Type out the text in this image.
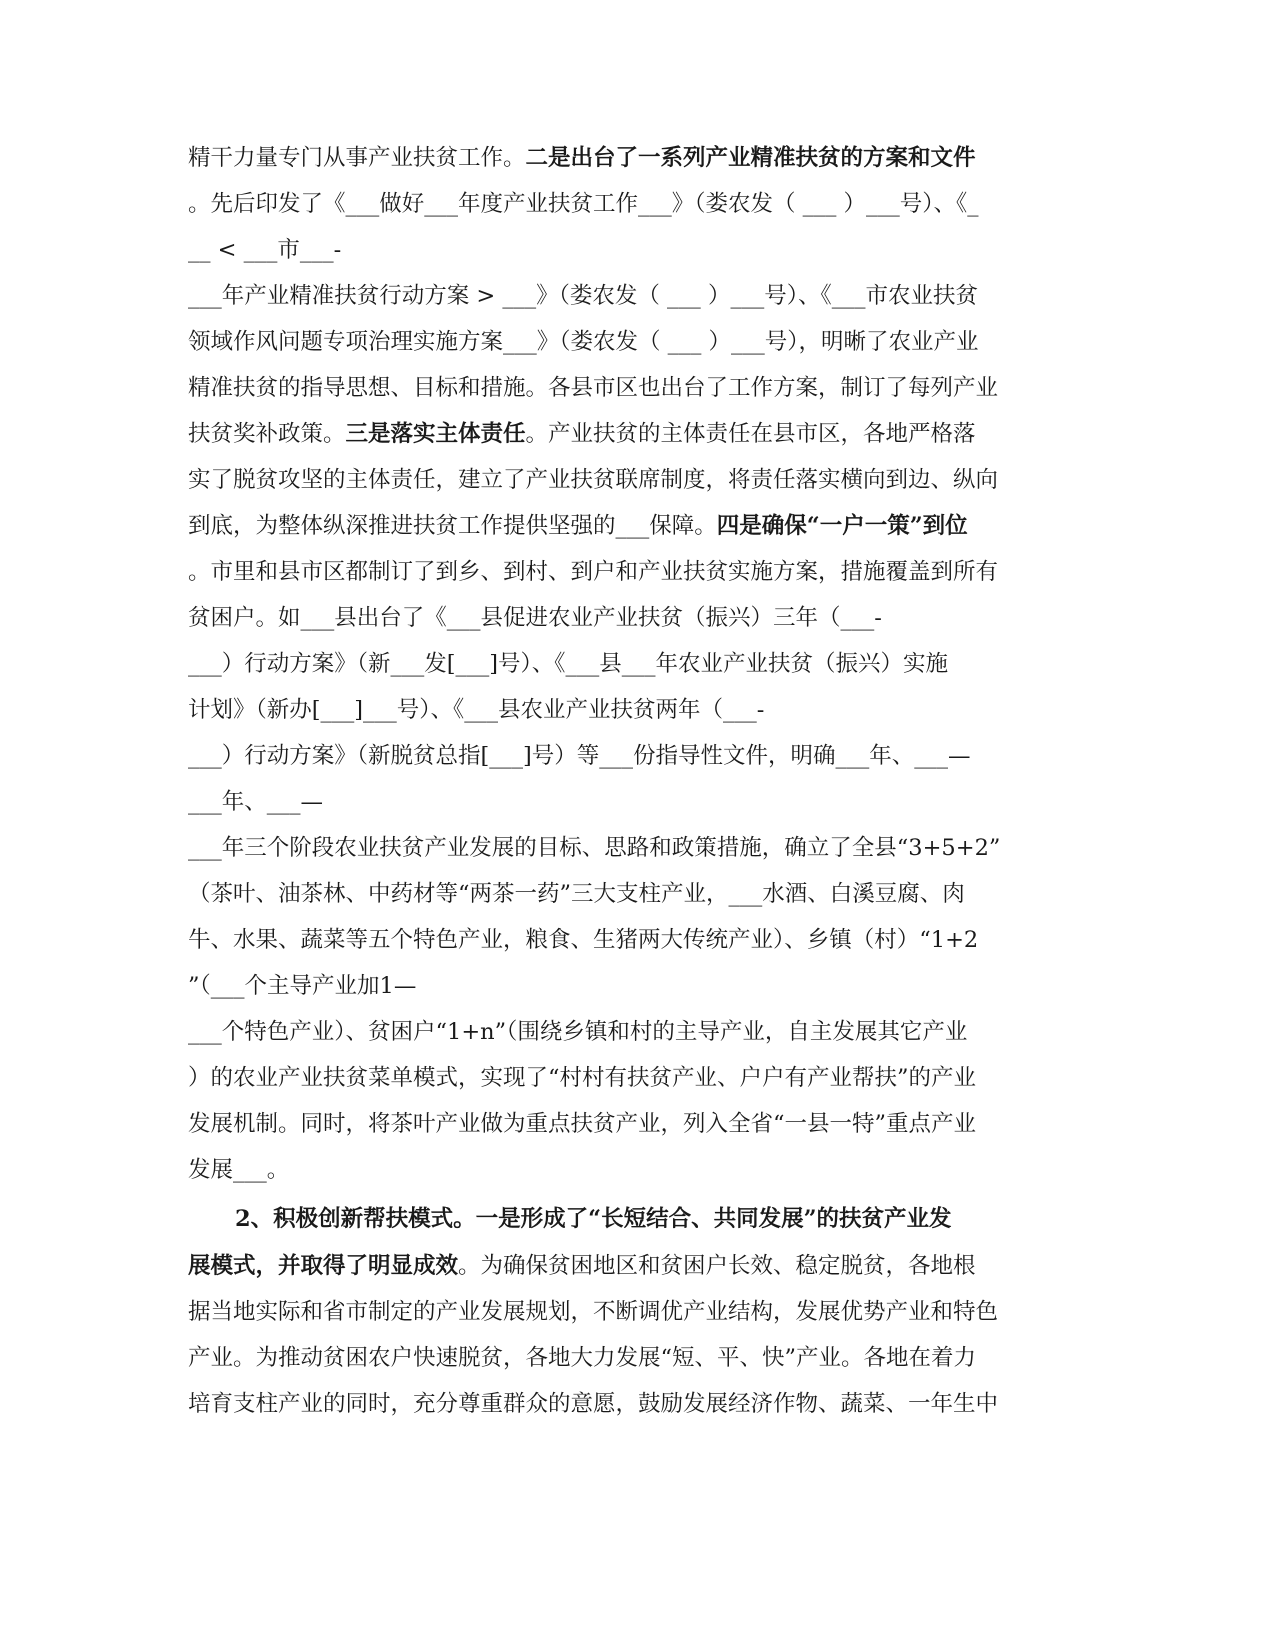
精干力量专门从事产业扶贫工作。二是出台了一系列产业精准扶贫的方案和文件
。先后印发了《___做好___年度产业扶贫工作___》（娄农发（ ___ ）___号）、《_
__ < ___市___-
___年产业精准扶贫行动方案 > ___》（娄农发（ ___ ）___号）、《___市农业扶贫
领域作风问题专项治理实施方案___》（娄农发（ ___ ）___号），明晰了农业产业
精准扶贫的指导思想、目标和措施。各县市区也出台了工作方案，制订了每列产业
扶贫奖补政策。三是落实主体责任。产业扶贫的主体责任在县市区，各地严格落
实了脱贫攻坚的主体责任，建立了产业扶贫联席制度，将责任落实横向到边、纵向
到底，为整体纵深推进扶贫工作提供坚强的___保障。四是确保“一户一策”到位
。市里和县市区都制订了到乡、到村、到户和产业扶贫实施方案，措施覆盖到所有
贫困户。如___县出台了《___县促进农业产业扶贫（振兴）三年（___-
___）行动方案》（新___发[___]号）、《___县___年农业产业扶贫（振兴）实施
计划》（新办[___]___号）、《___县农业产业扶贫两年（___-
___）行动方案》（新脱贫总指[___]号）等___份指导性文件，明确___年、___—
___年、___—
___年三个阶段农业扶贫产业发展的目标、思路和政策措施，确立了全县“3+5+2”
（茶叶、油茶林、中药材等“两茶一药”三大支柱产业，___水酒、白溪豆腐、肉
牛、水果、蔬菜等五个特色产业，粮食、生猪两大传统产业）、乡镇（村）“1+2
”（___个主导产业加1—
___个特色产业）、贫困户“1+n”（围绕乡镇和村的主导产业，自主发展其它产业
）的农业产业扶贫菜单模式，实现了“村村有扶贫产业、户户有产业帮扶”的产业
发展机制。同时，将茶叶产业做为重点扶贫产业，列入全省“一县一特”重点产业
发展___。
2、积极创新帮扶模式。一是形成了“长短结合、共同发展”的扶贫产业发
展模式，并取得了明显成效。为确保贫困地区和贫困户长效、稳定脱贫，各地根
据当地实际和省市制定的产业发展规划，不断调优产业结构，发展优势产业和特色
产业。为推动贫困农户快速脱贫，各地大力发展“短、平、快”产业。各地在着力
培育支柱产业的同时，充分尊重群众的意愿，鼓励发展经济作物、蔬菜、一年生中
